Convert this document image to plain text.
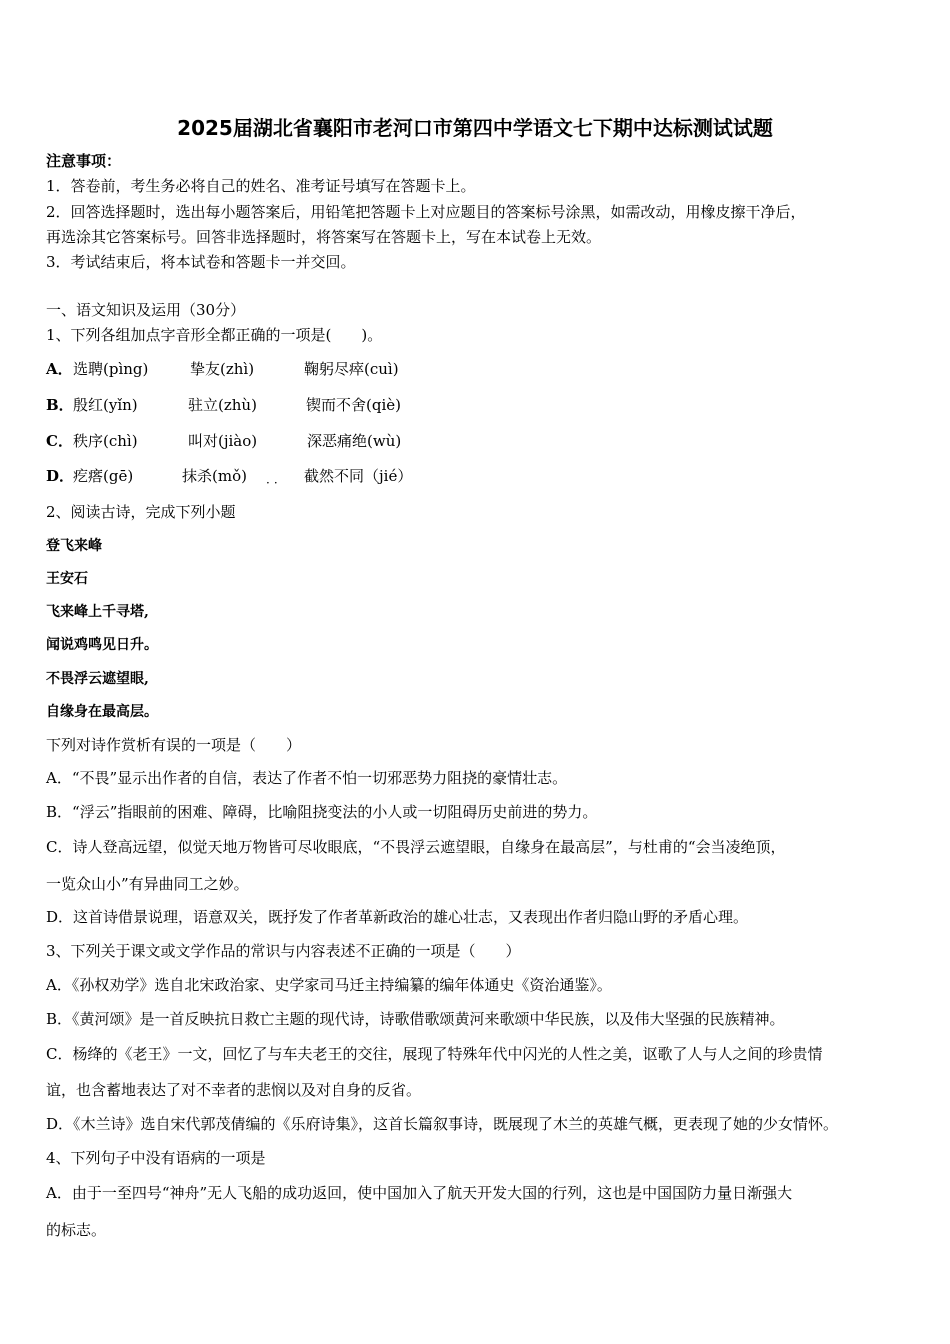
2025届湖北省襄阳市老河口市第四中学语文七下期中达标测试试题
注意事项：
1．答卷前，考生务必将自己的姓名、准考证号填写在答题卡上。
2．回答选择题时，选出每小题答案后，用铅笔把答题卡上对应题目的答案标号涂黑，如需改动，用橡皮擦干净后，
再选涂其它答案标号。回答非选择题时，将答案写在答题卡上，写在本试卷上无效。
3．考试结束后，将本试卷和答题卡一并交回。
一、语文知识及运用（30分）
1、下列各组加点字音形全都正确的一项是(　　)。
A． 选聘(pìng)	挚友(zhì)	鞠躬尽瘁(cuì)
B． 殷红(yǐn)	驻立(zhù)	锲而不舍(qiè)
C． 秩序(chì)	叫对(jiào)	深恶痛绝(wù)
D．
疙瘩(gē)	抹杀(mǒ)	截然不同（jié）
··
2、阅读古诗，完成下列小题
登飞来峰
王安石
飞来峰上千寻塔,
闻说鸡鸣见日升。
不畏浮云遮望眼,
自缘身在最高层。
下列对诗作赏析有误的一项是（　　）
A．“不畏”显示出作者的自信，表达了作者不怕一切邪恶势力阻挠的豪情壮志。
B．“浮云”指眼前的困难、障碍，比喻阻挠变法的小人或一切阻碍历史前进的势力。
C．诗人登高远望，似觉天地万物皆可尽收眼底，“不畏浮云遮望眼，自缘身在最高层”，与杜甫的“会当凌绝顶，
一览众山小”有异曲同工之妙。
D．这首诗借景说理，语意双关，既抒发了作者革新政治的雄心壮志，又表现出作者归隐山野的矛盾心理。
3、下列关于课文或文学作品的常识与内容表述不正确的一项是（　　）
A．《孙权劝学》选自北宋政治家、史学家司马迁主持编纂的编年体通史《资治通鉴》。
B．《黄河颂》是一首反映抗日救亡主题的现代诗，诗歌借歌颂黄河来歌颂中华民族，以及伟大坚强的民族精神。
C．杨绛的《老王》一文，回忆了与车夫老王的交往，展现了特殊年代中闪光的人性之美，讴歌了人与人之间的珍贵情
谊，也含蓄地表达了对不幸者的悲悯以及对自身的反省。
D．《木兰诗》选自宋代郭茂倩编的《乐府诗集》，这首长篇叙事诗，既展现了木兰的英雄气概，更表现了她的少女情怀。
4、下列句子中没有语病的一项是
A．由于一至四号“神舟”无人飞船的成功返回，使中国加入了航天开发大国的行列，这也是中国国防力量日渐强大
的标志。
